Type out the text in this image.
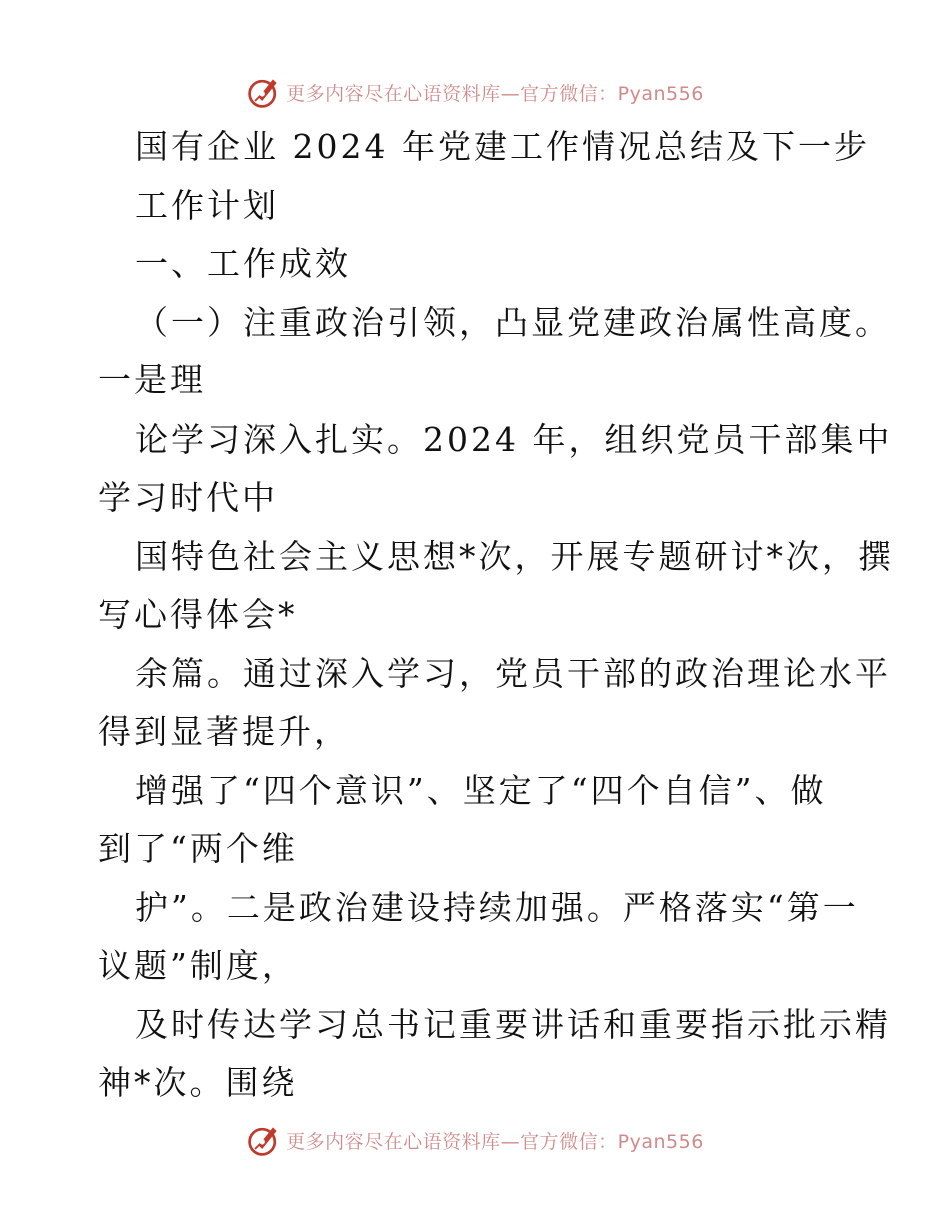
更多内容尽在心语资料库—官方微信：Pyan556
国有企业 2024 年党建工作情况总结及下一步
工作计划
一、工作成效
（一）注重政治引领，凸显党建政治属性高度。
一是理
论学习深入扎实。2024 年，组织党员干部集中
学习时代中
国特色社会主义思想*次，开展专题研讨*次，撰
写心得体会*
余篇。通过深入学习，党员干部的政治理论水平
得到显著提升，
增强了“四个意识”、坚定了“四个自信”、做
到了“两个维
护”。二是政治建设持续加强。严格落实“第一
议题”制度，
及时传达学习总书记重要讲话和重要指示批示精
神*次。围绕
更多内容尽在心语资料库—官方微信：Pyan556
